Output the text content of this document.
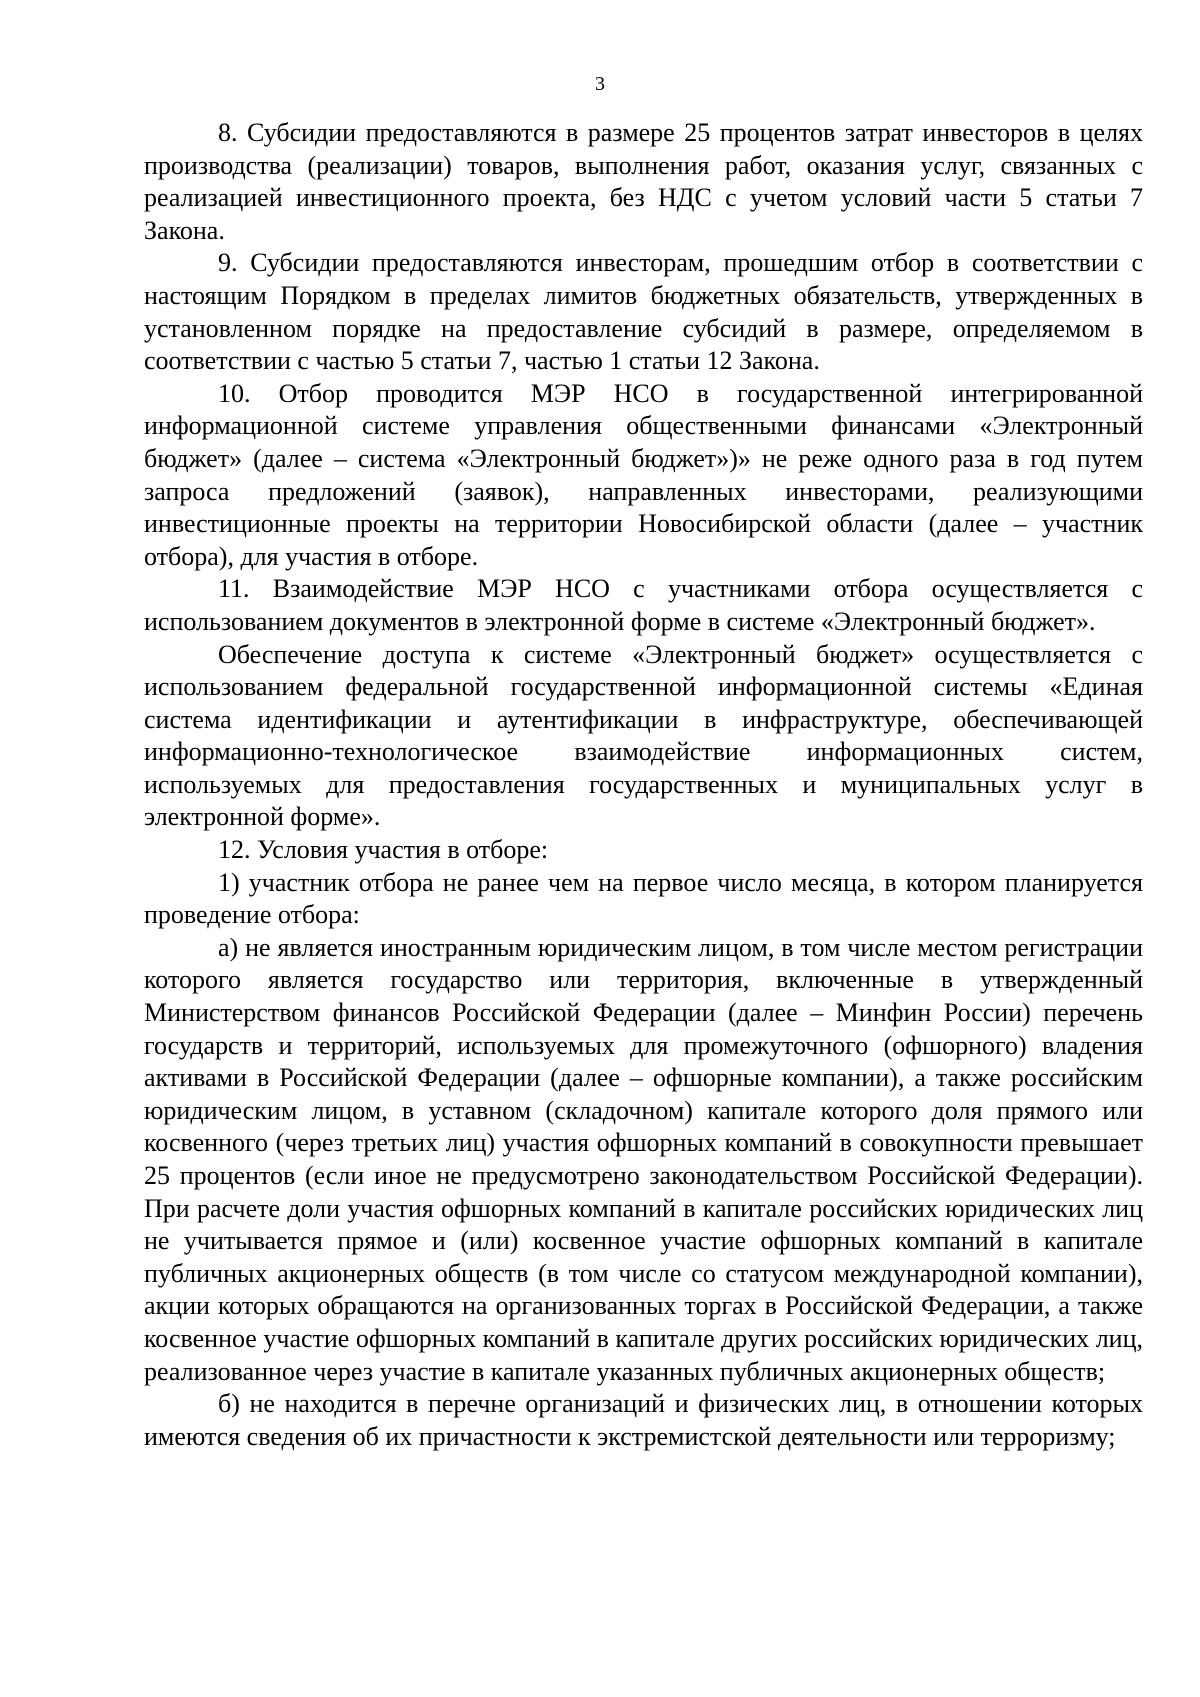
3

8. Субсидии предоставляются в размере 25 процентов затрат инвесторов в целях производства (реализации) товаров, выполнения работ, оказания услуг, связанных с реализацией инвестиционного проекта, без НДС с учетом условий части 5 статьи 7 Закона.

9. Субсидии предоставляются инвесторам, прошедшим отбор в соответствии с настоящим Порядком в пределах лимитов бюджетных обязательств, утвержденных в установленном порядке на предоставление субсидий в размере, определяемом в соответствии с частью 5 статьи 7, частью 1 статьи 12 Закона.

10. Отбор проводится МЭР НСО в государственной интегрированной информационной системе управления общественными финансами «Электронный бюджет» (далее – система «Электронный бюджет»)» не реже одного раза в год путем запроса предложений (заявок), направленных инвесторами, реализующими инвестиционные проекты на территории Новосибирской области (далее – участник отбора), для участия в отборе.

11. Взаимодействие МЭР НСО с участниками отбора осуществляется с использованием документов в электронной форме в системе «Электронный бюджет».

Обеспечение доступа к системе «Электронный бюджет» осуществляется с использованием федеральной государственной информационной системы «Единая система идентификации и аутентификации в инфраструктуре, обеспечивающей информационно-технологическое взаимодействие информационных систем, используемых для предоставления государственных и муниципальных услуг в электронной форме».

12. Условия участия в отборе:

1) участник отбора не ранее чем на первое число месяца, в котором планируется проведение отбора:

а) не является иностранным юридическим лицом, в том числе местом регистрации которого является государство или территория, включенные в утвержденный Министерством финансов Российской Федерации (далее – Минфин России) перечень государств и территорий, используемых для промежуточного (офшорного) владения активами в Российской Федерации (далее – офшорные компании), а также российским юридическим лицом, в уставном (складочном) капитале которого доля прямого или косвенного (через третьих лиц) участия офшорных компаний в совокупности превышает 25 процентов (если иное не предусмотрено законодательством Российской Федерации). При расчете доли участия офшорных компаний в капитале российских юридических лиц не учитывается прямое и (или) косвенное участие офшорных компаний в капитале публичных акционерных обществ (в том числе со статусом международной компании), акции которых обращаются на организованных торгах в Российской Федерации, а также косвенное участие офшорных компаний в капитале других российских юридических лиц, реализованное через участие в капитале указанных публичных акционерных обществ;

б) не находится в перечне организаций и физических лиц, в отношении которых имеются сведения об их причастности к экстремистской деятельности или терроризму;
